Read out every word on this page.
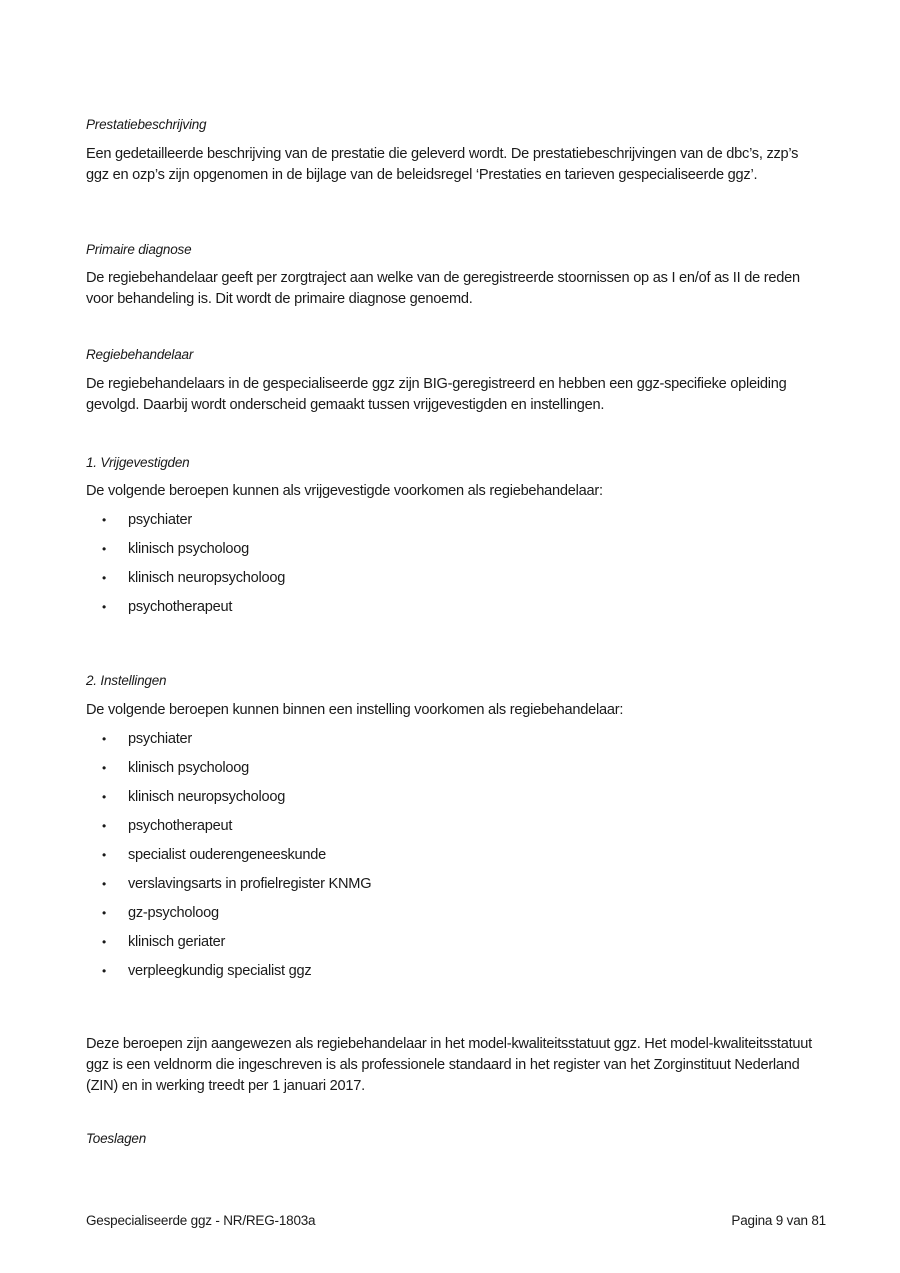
Prestatiebeschrijving
Een gedetailleerde beschrijving van de prestatie die geleverd wordt. De prestatiebeschrijvingen van de dbc’s, zzp’s ggz en ozp’s zijn opgenomen in de bijlage van de beleidsregel ‘Prestaties en tarieven gespecialiseerde ggz’.
Primaire diagnose
De regiebehandelaar geeft per zorgtraject aan welke van de geregistreerde stoornissen op as I en/of as II de reden voor behandeling is. Dit wordt de primaire diagnose genoemd.
Regiebehandelaar
De regiebehandelaars in de gespecialiseerde ggz zijn BIG-geregistreerd en hebben een ggz-specifieke opleiding gevolgd. Daarbij wordt onderscheid gemaakt tussen vrijgevestigden en instellingen.
1. Vrijgevestigden
De volgende beroepen kunnen als vrijgevestigde voorkomen als regiebehandelaar:
• psychiater
• klinisch psycholoog
• klinisch neuropsycholoog
• psychotherapeut
2. Instellingen
De volgende beroepen kunnen binnen een instelling voorkomen als regiebehandelaar:
• psychiater
• klinisch psycholoog
• klinisch neuropsycholoog
• psychotherapeut
• specialist ouderengeneeskunde
• verslavingsarts in profielregister KNMG
• gz-psycholoog
• klinisch geriater
• verpleegkundig specialist ggz
Deze beroepen zijn aangewezen als regiebehandelaar in het model-kwaliteitsstatuut ggz. Het model-kwaliteitsstatuut ggz is een veldnorm die ingeschreven is als professionele standaard in het register van het Zorginstituut Nederland (ZIN) en in werking treedt per 1 januari 2017.
Toeslagen
Gespecialiseerde ggz - NR/REG-1803a	Pagina 9 van 81
